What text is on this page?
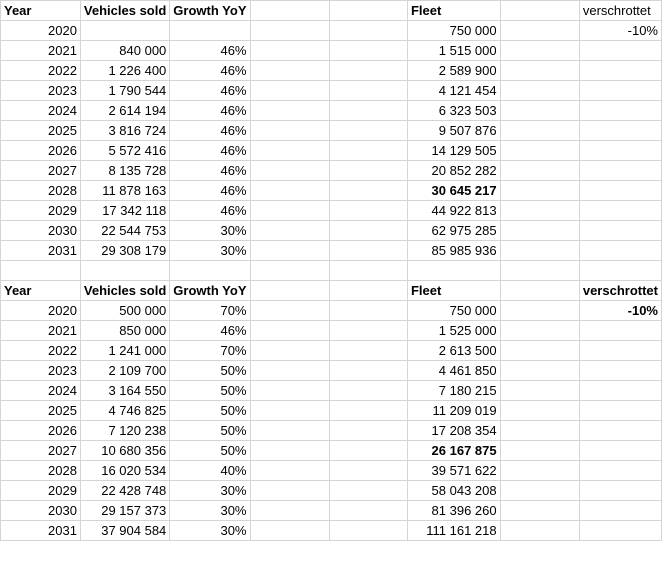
Year	Vehicles sold	Growth YoY			Fleet		verschrottet
2020					750 000		-10%
2021	840 000	46%			1 515 000		
2022	1 226 400	46%			2 589 900		
2023	1 790 544	46%			4 121 454		
2024	2 614 194	46%			6 323 503		
2025	3 816 724	46%			9 507 876		
2026	5 572 416	46%			14 129 505		
2027	8 135 728	46%			20 852 282		
2028	11 878 163	46%			30 645 217		
2029	17 342 118	46%			44 922 813		
2030	22 544 753	30%			62 975 285		
2031	29 308 179	30%			85 985 936		

Year	Vehicles sold	Growth YoY			Fleet		verschrottet
2020	500 000	70%			750 000		-10%
2021	850 000	46%			1 525 000		
2022	1 241 000	70%			2 613 500		
2023	2 109 700	50%			4 461 850		
2024	3 164 550	50%			7 180 215		
2025	4 746 825	50%			11 209 019		
2026	7 120 238	50%			17 208 354		
2027	10 680 356	50%			26 167 875		
2028	16 020 534	40%			39 571 622		
2029	22 428 748	30%			58 043 208		
2030	29 157 373	30%			81 396 260		
2031	37 904 584	30%			111 161 218		
